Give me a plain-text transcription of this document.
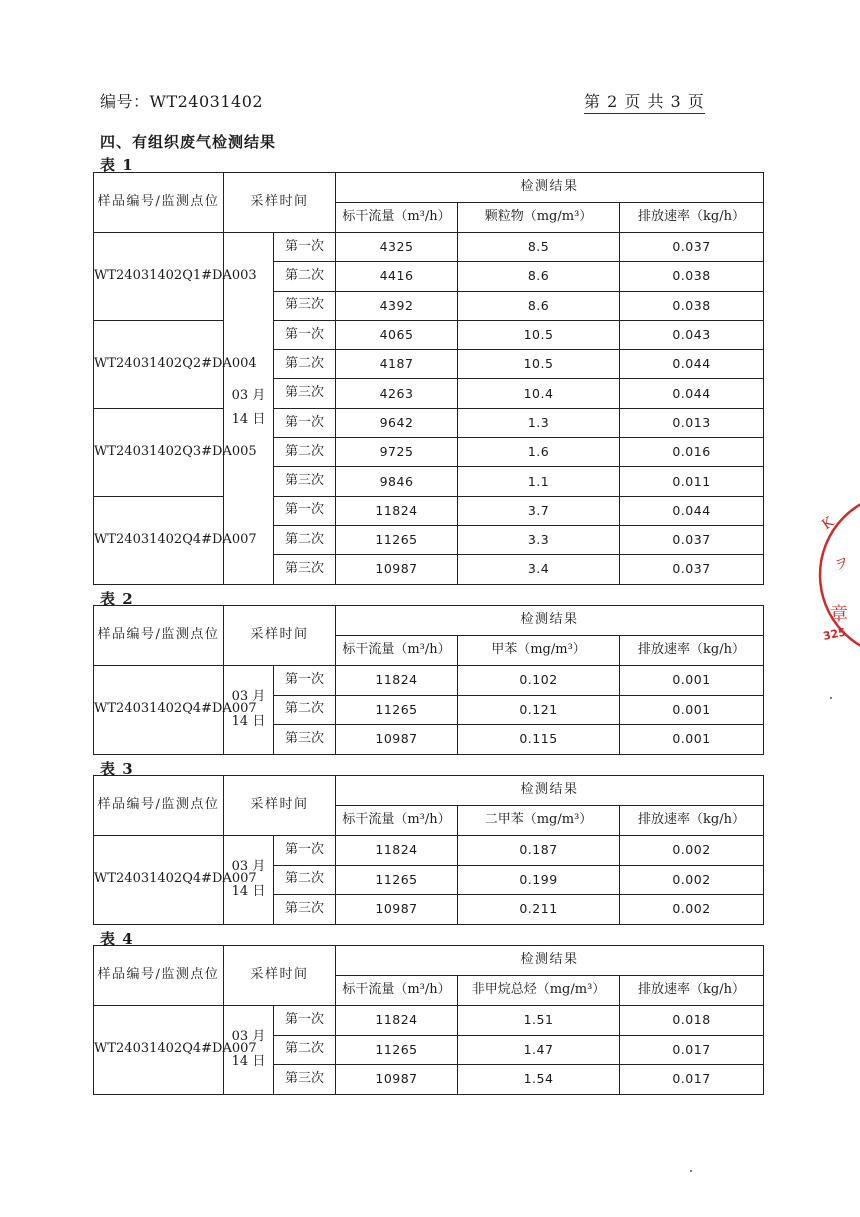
编号：WT24031402	第 2 页 共 3 页
四、有组织废气检测结果
表 1
样品编号/监测点位	采样时间		检测结果		
			标干流量（m³/h）	颗粒物（mg/m³）	排放速率（kg/h）
WT24031402Q1#DA003	03 月 14 日	第一次	4325	8.5	0.037
		第二次	4416	8.6	0.038
		第三次	4392	8.6	0.038
WT24031402Q2#DA004		第一次	4065	10.5	0.043
		第二次	4187	10.5	0.044
		第三次	4263	10.4	0.044
WT24031402Q3#DA005		第一次	9642	1.3	0.013
		第二次	9725	1.6	0.016
		第三次	9846	1.1	0.011
WT24031402Q4#DA007		第一次	11824	3.7	0.044
		第二次	11265	3.3	0.037
		第三次	10987	3.4	0.037
表 2
样品编号/监测点位	采样时间		检测结果		
			标干流量（m³/h）	甲苯（mg/m³）	排放速率（kg/h）
WT24031402Q4#DA007	03 月 14 日	第一次	11824	0.102	0.001
		第二次	11265	0.121	0.001
		第三次	10987	0.115	0.001
表 3
样品编号/监测点位	采样时间		检测结果		
			标干流量（m³/h）	二甲苯（mg/m³）	排放速率（kg/h）
WT24031402Q4#DA007	03 月 14 日	第一次	11824	0.187	0.002
		第二次	11265	0.199	0.002
		第三次	10987	0.211	0.002
表 4
样品编号/监测点位	采样时间		检测结果		
			标干流量（m³/h）	非甲烷总烃（mg/m³）	排放速率（kg/h）
WT24031402Q4#DA007	03 月 14 日	第一次	11824	1.51	0.018
		第二次	11265	1.47	0.017
		第三次	10987	1.54	0.017
K
ヲ
章
325
